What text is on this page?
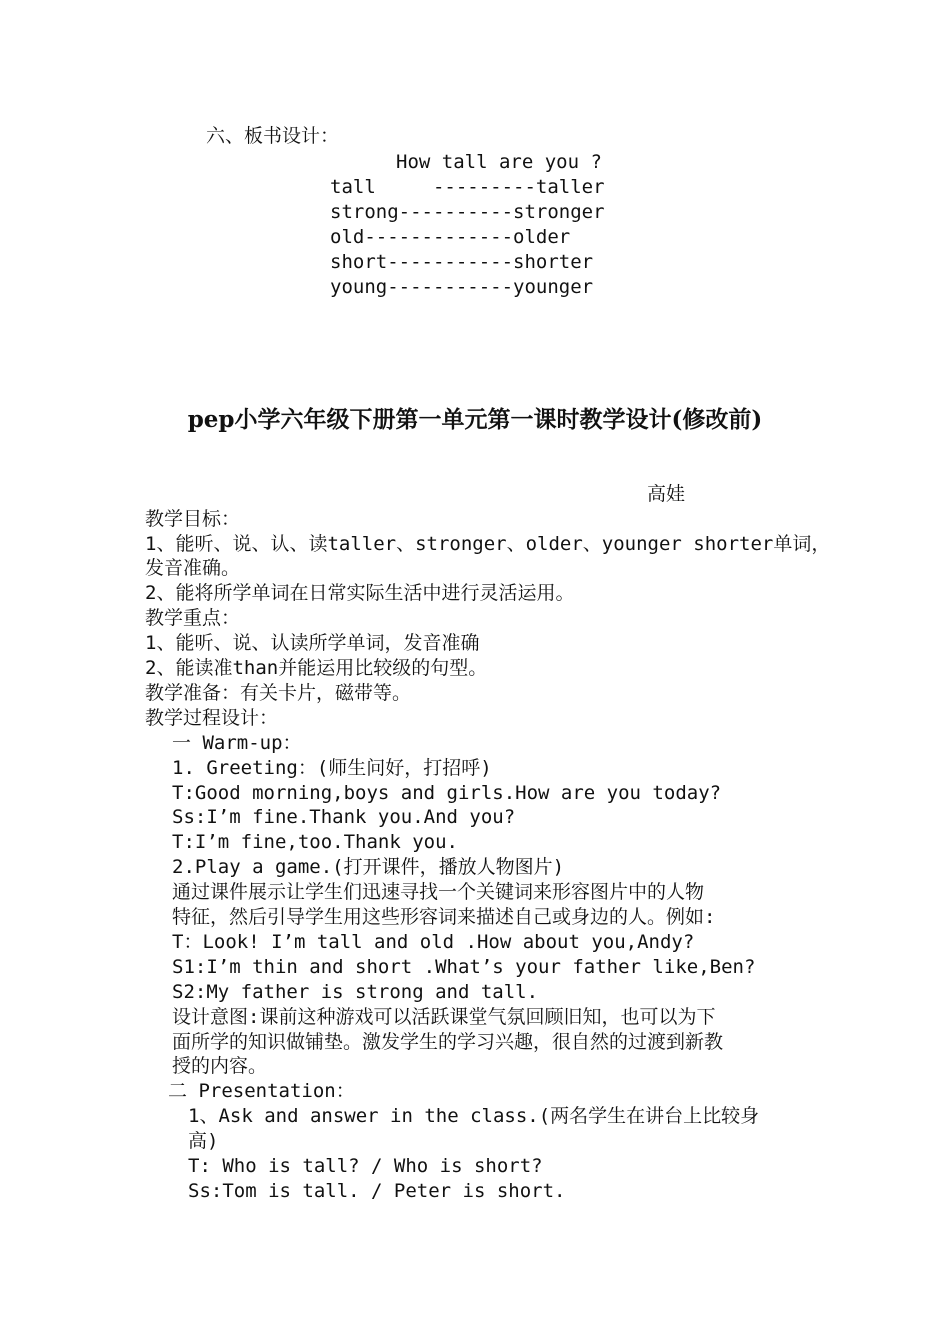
六、板书设计：
How tall are you ?
tall     ---------taller
strong----------stronger
old-------------older
short-----------shorter
young-----------younger
pep小学六年级下册第一单元第一课时教学设计(修改前)
高娃
教学目标：
1、能听、说、认、读taller、stronger、older、younger shorter单词，
发音准确。
2、能将所学单词在日常实际生活中进行灵活运用。
教学重点：
1、能听、说、认读所学单词，发音准确
2、能读准than并能运用比较级的句型。
教学准备：有关卡片，磁带等。
教学过程设计：
一 Warm-up：
1. Greeting：(师生问好，打招呼)
T:Good morning,boys and girls.How are you today?
Ss:I’m fine.Thank you.And you?
T:I’m fine,too.Thank you.
2.Play a game.(打开课件，播放人物图片)
通过课件展示让学生们迅速寻找一个关键词来形容图片中的人物
特征，然后引导学生用这些形容词来描述自己或身边的人。例如:
T：Look! I’m tall and old .How about you,Andy?
S1:I’m thin and short .What’s your father like,Ben?
S2:My father is strong and tall.
设计意图:课前这种游戏可以活跃课堂气氛回顾旧知，也可以为下
面所学的知识做铺垫。激发学生的学习兴趣，很自然的过渡到新教
授的内容。
二 Presentation：
1、Ask and answer in the class.(两名学生在讲台上比较身
高)
T: Who is tall? / Who is short?
Ss:Tom is tall. / Peter is short.
